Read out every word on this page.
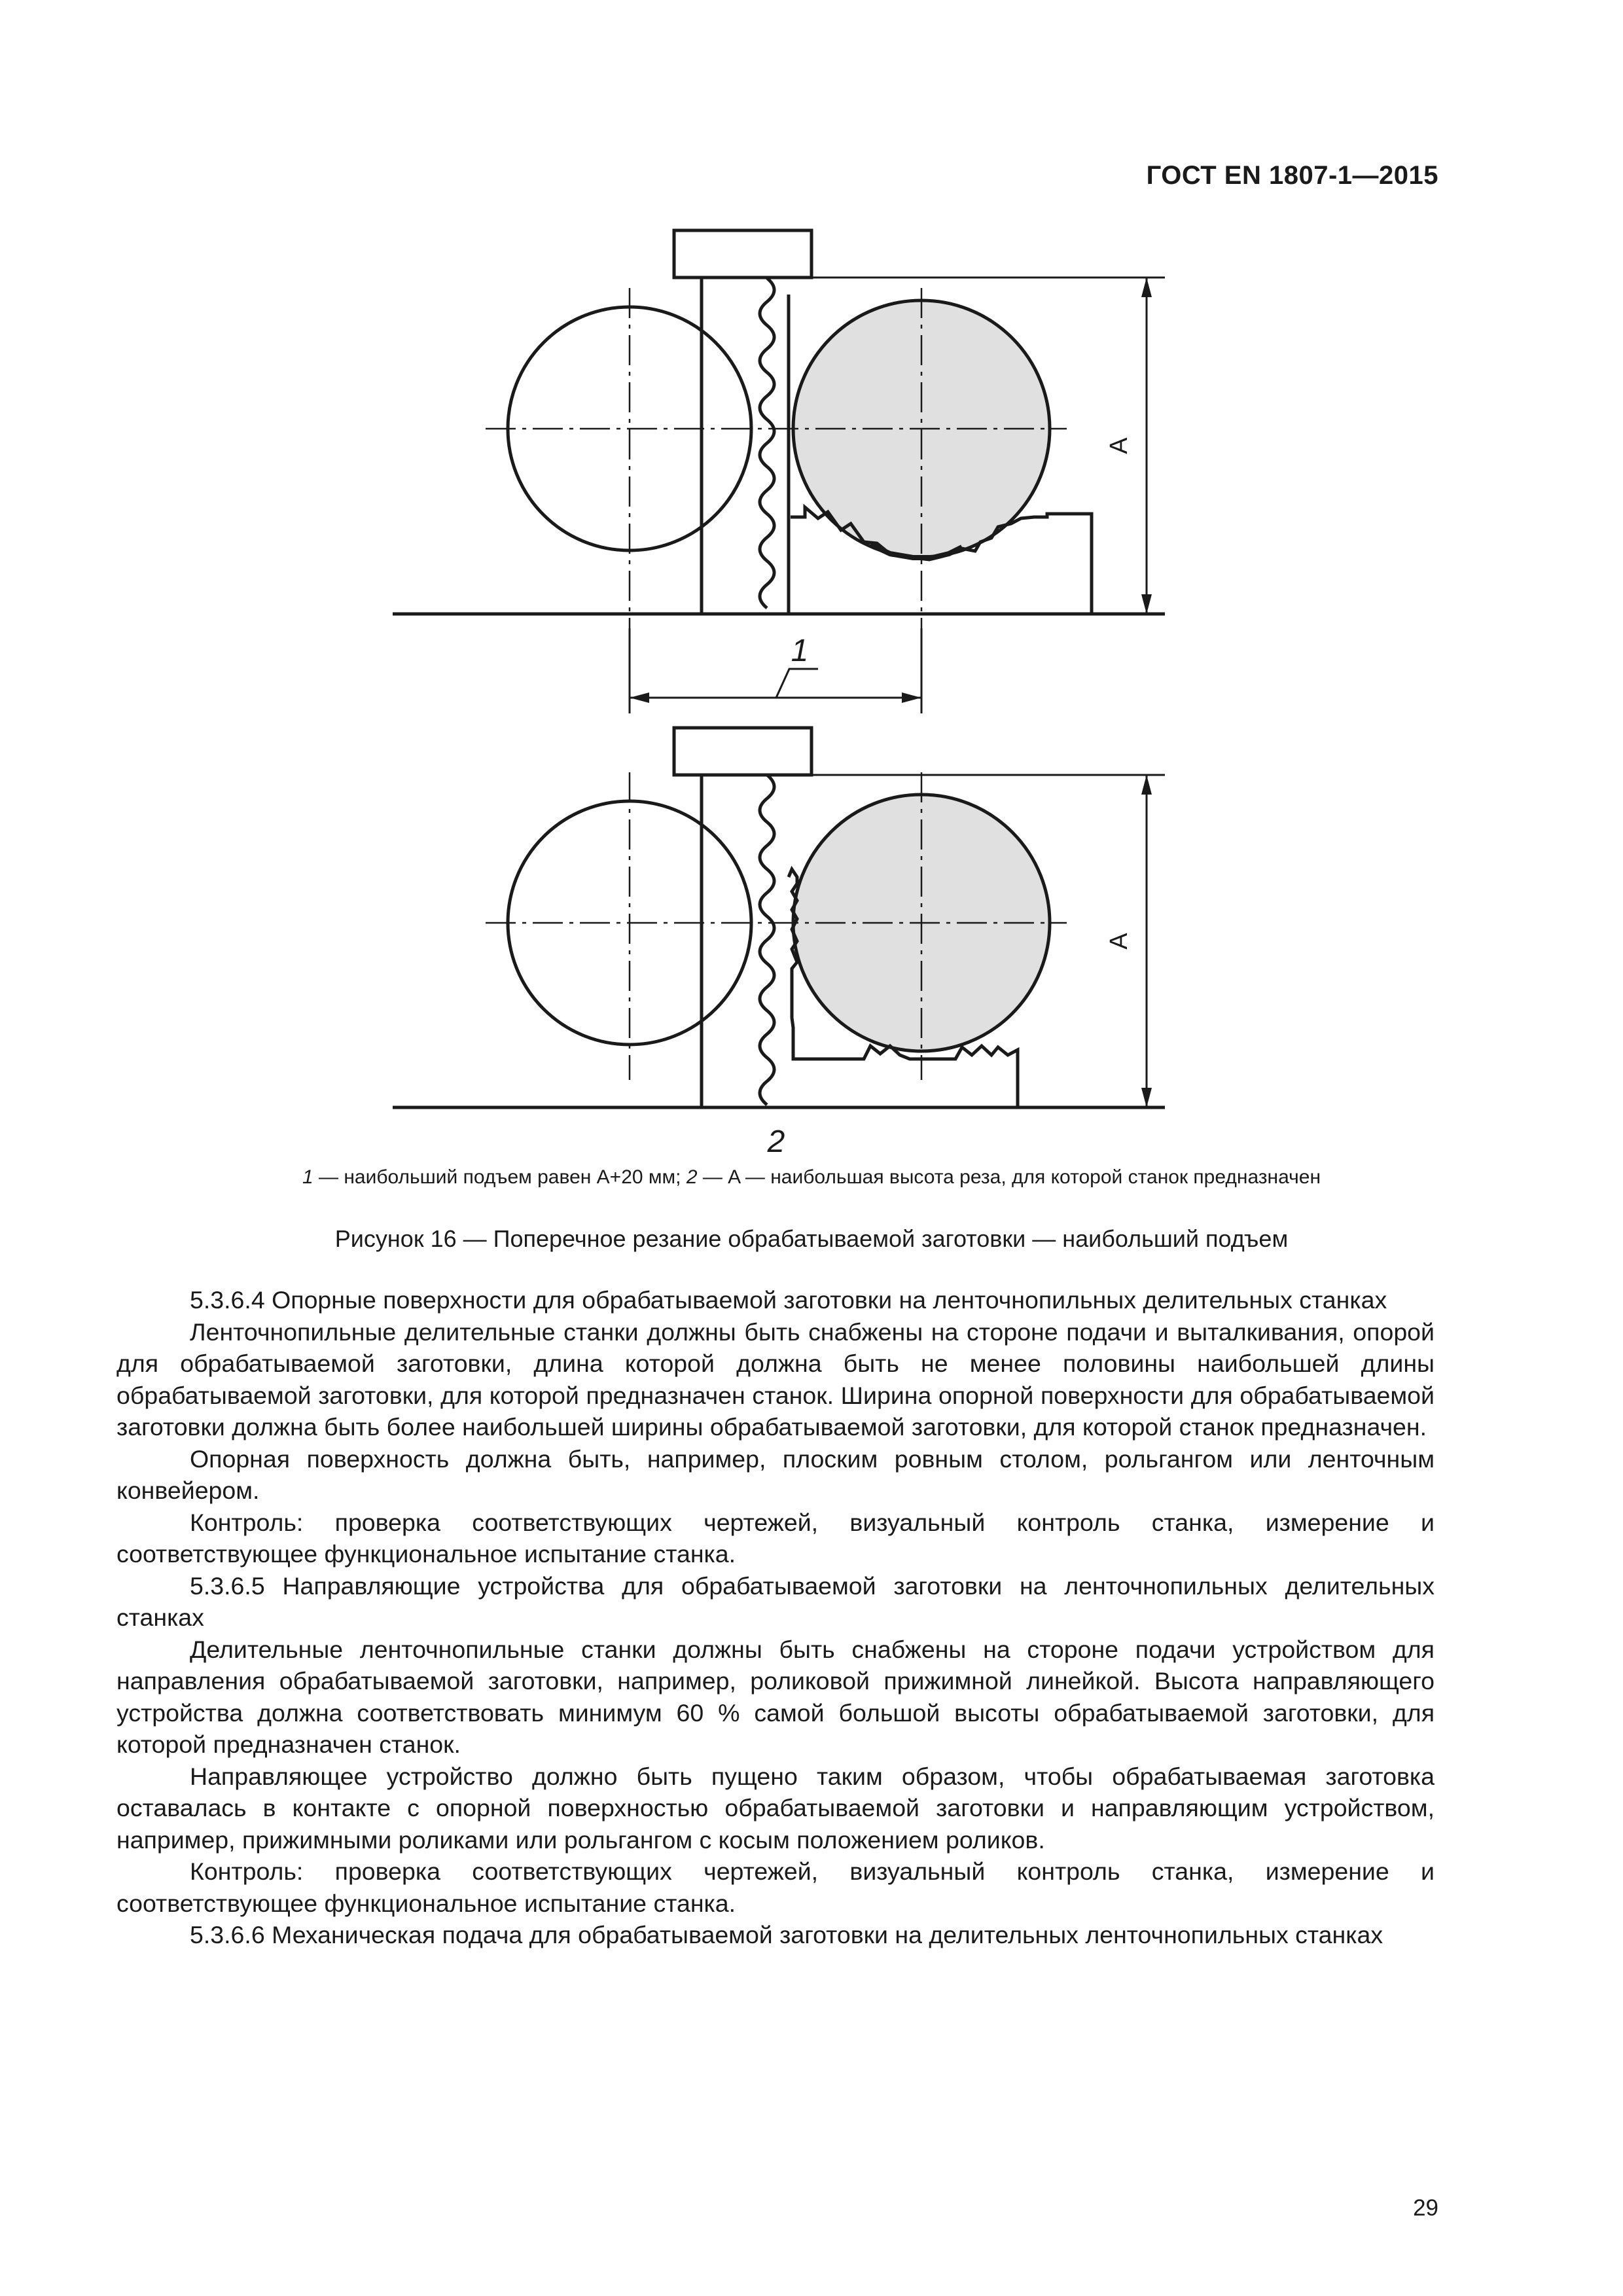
ГОСТ EN 1807-1—2015
1
2
A
A
1 — наибольший подъем равен A+20 мм; 2 — A — наибольшая высота реза, для которой станок предназначен
Рисунок 16 — Поперечное резание обрабатываемой заготовки — наибольший подъем

5.3.6.4 Опорные поверхности для обрабатываемой заготовки на ленточнопильных делительных станках

Ленточнопильные делительные станки должны быть снабжены на стороне подачи и выталкивания, опорой для обрабатываемой заготовки, длина которой должна быть не менее половины наибольшей длины обрабатываемой заготовки, для которой предназначен станок. Ширина опорной поверхности для обрабатываемой заготовки должна быть более наибольшей ширины обрабатываемой заготовки, для которой станок предназначен.

Опорная поверхность должна быть, например, плоским ровным столом, рольгангом или ленточным конвейером.

Контроль: проверка соответствующих чертежей, визуальный контроль станка, измерение и соответствующее функциональное испытание станка.

5.3.6.5 Направляющие устройства для обрабатываемой заготовки на ленточнопильных делительных станках

Делительные ленточнопильные станки должны быть снабжены на стороне подачи устройством для направления обрабатываемой заготовки, например, роликовой прижимной линейкой. Высота направляющего устройства должна соответствовать минимум 60 % самой большой высоты обрабатываемой заготовки, для которой предназначен станок.

Направляющее устройство должно быть пущено таким образом, чтобы обрабатываемая заготовка оставалась в контакте с опорной поверхностью обрабатываемой заготовки и направляющим устройством, например, прижимными роликами или рольгангом с косым положением роликов.

Контроль: проверка соответствующих чертежей, визуальный контроль станка, измерение и соответствующее функциональное испытание станка.

5.3.6.6 Механическая подача для обрабатываемой заготовки на делительных ленточнопильных станках

29
